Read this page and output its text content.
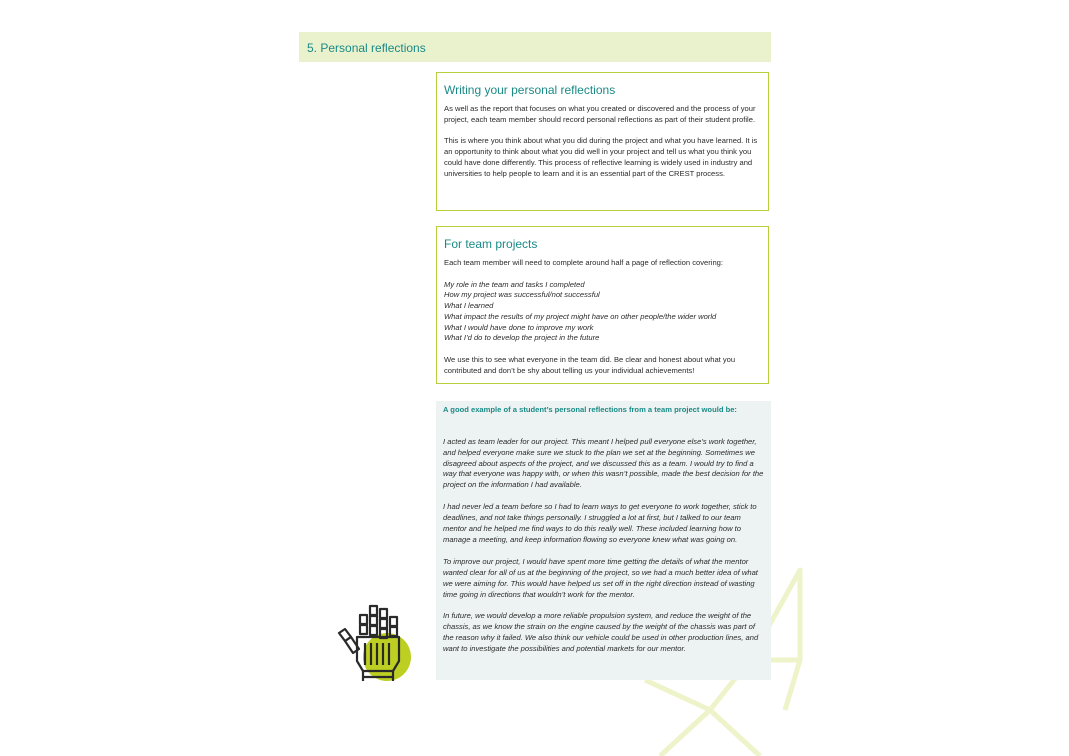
5. Personal reflections
Writing your personal reflections

As well as the report that focuses on what you created or discovered and the process of your project, each team member should record personal reflections as part of their student profile.

This is where you think about what you did during the project and what you have learned. It is an opportunity to think about what you did well in your project and tell us what you think you could have done differently. This process of reflective learning is widely used in industry and universities to help people to learn and it is an essential part of the CREST process.

For team projects

Each team member will need to complete around half a page of reflection covering:

My role in the team and tasks I completed
How my project was successful/not successful
What I learned
What impact the results of my project might have on other people/the wider world
What I would have done to improve my work
What I’d do to develop the project in the future

We use this to see what everyone in the team did. Be clear and honest about what you contributed and don’t be shy about telling us your individual achievements!

A good example of a student’s personal reflections from a team project would be:

I acted as team leader for our project. This meant I helped pull everyone else’s work together, and helped everyone make sure we stuck to the plan we set at the beginning. Sometimes we disagreed about aspects of the project, and we discussed this as a team. I would try to find a way that everyone was happy with, or when this wasn’t possible, made the best decision for the project on the information I had available.

I had never led a team before so I had to learn ways to get everyone to work together, stick to deadlines, and not take things personally. I struggled a lot at first, but I talked to our team mentor and he helped me find ways to do this really well. These included learning how to manage a meeting, and keep information flowing so everyone knew what was going on.

To improve our project, I would have spent more time getting the details of what the mentor wanted clear for all of us at the beginning of the project, so we had a much better idea of what we were aiming for. This would have helped us set off in the right direction instead of wasting time going in directions that wouldn’t work for the mentor.

In future, we would develop a more reliable propulsion system, and reduce the weight of the chassis, as we know the strain on the engine caused by the weight of the chassis was part of the reason why it failed. We also think our vehicle could be used in other production lines, and want to investigate the possibilities and potential markets for our mentor.
